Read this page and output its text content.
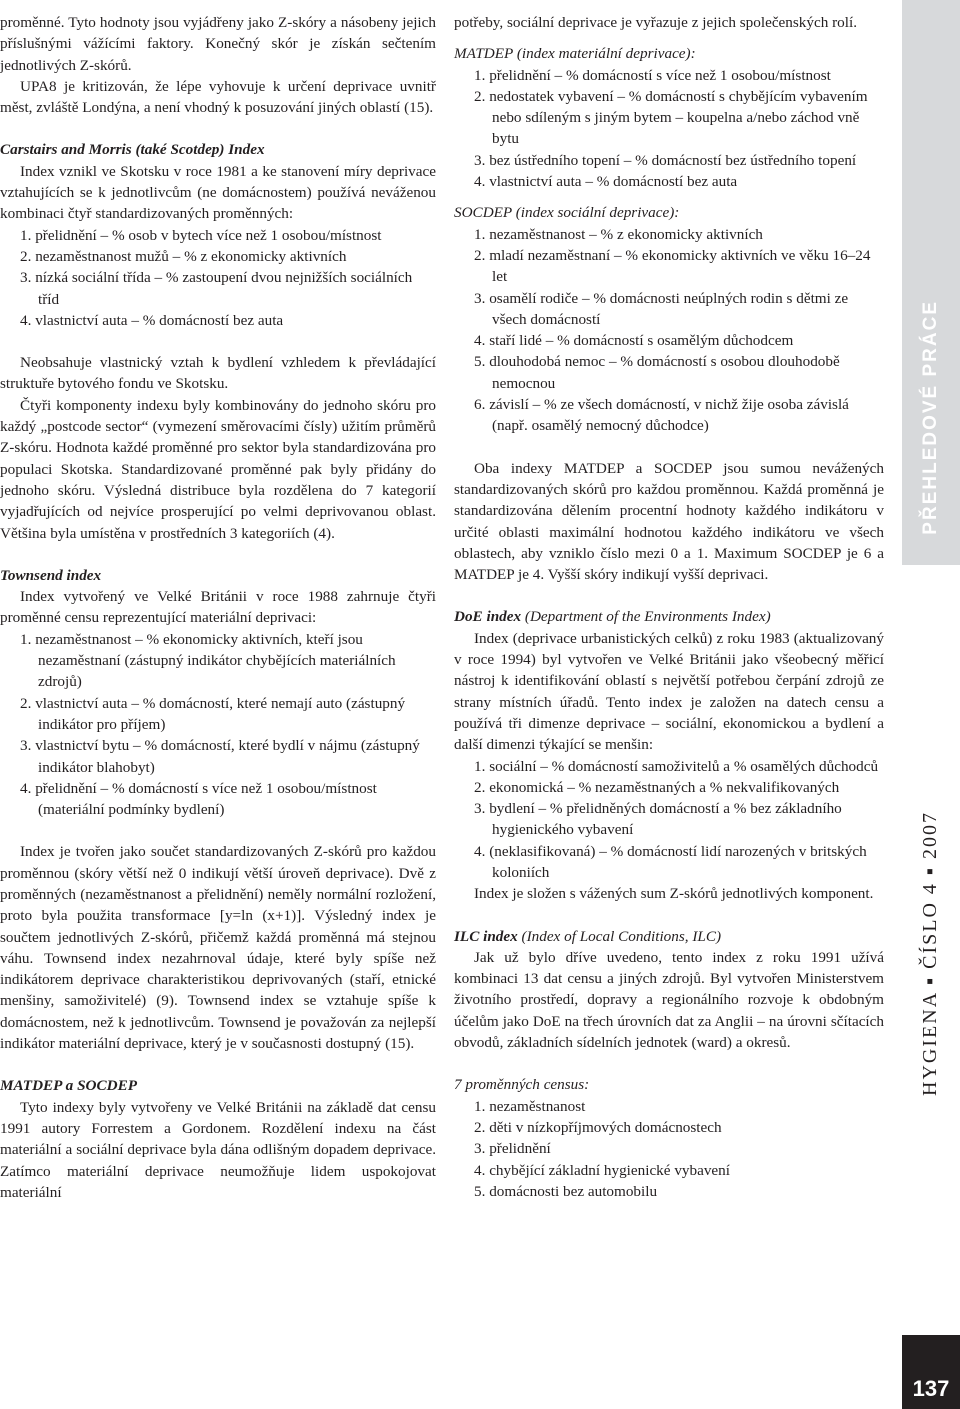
proměnné. Tyto hodnoty jsou vyjádřeny jako Z-skóry a násobeny jejich příslušnými vážícími faktory. Konečný skór je získán sečtením jednotlivých Z-skórů.

UPA8 je kritizován, že lépe vyhovuje k určení deprivace uvnitř měst, zvláště Londýna, a není vhodný k posuzování jiných oblastí (15).

Carstairs and Morris (také Scotdep) Index

Index vznikl ve Skotsku v roce 1981 a ke stanovení míry deprivace vztahujících se k jednotlivcům (ne domácnostem) používá neváženou kombinaci čtyř standardizovaných proměnných:

1. přelidnění – % osob v bytech více než 1 osobou/místnost
2. nezaměstnanost mužů – % z ekonomicky aktivních
3. nízká sociální třída – % zastoupení dvou nejnižších sociálních tříd
4. vlastnictví auta – % domácností bez auta

Neobsahuje vlastnický vztah k bydlení vzhledem k převládající struktuře bytového fondu ve Skotsku.

Čtyři komponenty indexu byly kombinovány do jednoho skóru pro každý „postcode sector“ (vymezení směrovacími čísly) užitím průměrů Z-skóru. Hodnota každé proměnné pro sektor byla standardizována pro populaci Skotska. Standardizované proměnné pak byly přidány do jednoho skóru. Výsledná distribuce byla rozdělena do 7 kategorií vyjadřujících od nejvíce prosperující po velmi deprivovanou oblast. Většina byla umístěna v prostředních 3 kategoriích (4).

Townsend index

Index vytvořený ve Velké Británii v roce 1988 zahrnuje čtyři proměnné censu reprezentující materiální deprivaci:

1. nezaměstnanost – % ekonomicky aktivních, kteří jsou nezaměstnaní (zástupný indikátor chybějících materiálních zdrojů)
2. vlastnictví auta – % domácností, které nemají auto (zástupný indikátor pro příjem)
3. vlastnictví bytu – % domácností, které bydlí v nájmu (zástupný indikátor blahobyt)
4. přelidnění – % domácností s více než 1 osobou/místnost (materiální podmínky bydlení)

Index je tvořen jako součet standardizovaných Z-skórů pro každou proměnnou (skóry větší než 0 indikují větší úroveň deprivace). Dvě z proměnných (nezaměstnanost a přelidnění) neměly normální rozložení, proto byla použita transformace [y=ln (x+1)]. Výsledný index je součtem jednotlivých Z-skórů, přičemž každá proměnná má stejnou váhu. Townsend index nezahrnoval údaje, které byly spíše než indikátorem deprivace charakteristikou deprivovaných (staří, etnické menšiny, samoživitelé) (9). Townsend index se vztahuje spíše k domácnostem, než k jednotlivcům. Townsend je považován za nejlepší indikátor materiální deprivace, který je v současnosti dostupný (15).

MATDEP a SOCDEP

Tyto indexy byly vytvořeny ve Velké Británii na základě dat censu 1991 autory Forrestem a Gordonem. Rozdělení indexu na část materiální a sociální deprivace byla dána odlišným dopadem deprivace. Zatímco materiální deprivace neumožňuje lidem uspokojovat materiální

potřeby, sociální deprivace je vyřazuje z jejich společenských rolí.

MATDEP (index materiální deprivace):
1. přelidnění – % domácností s více než 1 osobou/místnost
2. nedostatek vybavení – % domácností s chybějícím vybavením nebo sdíleným s jiným bytem – koupelna a/nebo záchod vně bytu
3. bez ústředního topení – % domácností bez ústředního topení
4. vlastnictví auta – % domácností bez auta
SOCDEP (index sociální deprivace):
1. nezaměstnanost – % z ekonomicky aktivních
2. mladí nezaměstnaní – % ekonomicky aktivních ve věku 16–24 let
3. osamělí rodiče – % domácnosti neúplných rodin s dětmi ze všech domácností
4. staří lidé – % domácností s osamělým důchodcem
5. dlouhodobá nemoc – % domácností s osobou dlouhodobě nemocnou
6. závislí – % ze všech domácností, v nichž žije osoba závislá (např. osamělý nemocný důchodce)

Oba indexy MATDEP a SOCDEP jsou sumou nevážených standardizovaných skórů pro každou proměnnou. Každá proměnná je standardizována dělením procentní hodnoty každého indikátoru v určité oblasti maximální hodnotou každého indikátoru ve všech oblastech, aby vzniklo číslo mezi 0 a 1. Maximum SOCDEP je 6 a MATDEP je 4. Vyšší skóry indikují vyšší deprivaci.

DoE index (Department of the Environments Index)

Index (deprivace urbanistických celků) z roku 1983 (aktualizovaný v roce 1994) byl vytvořen ve Velké Británii jako všeobecný měřicí nástroj k identifikování oblastí s největší potřebou čerpání zdrojů ze strany místních úřadů. Tento index je založen na datech censu a používá tři dimenze deprivace – sociální, ekonomickou a bydlení a další dimenzi týkající se menšin:

1. sociální – % domácností samoživitelů a % osamělých důchodců
2. ekonomická – % nezaměstnaných a % nekvalifikovaných
3. bydlení – % přelidněných domácností a % bez základního hygienického vybavení
4. (neklasifikovaná) – % domácností lidí narozených v britských koloniích

Index je složen s vážených sum Z-skórů jednotlivých komponent.

ILC index (Index of Local Conditions, ILC)

Jak už bylo dříve uvedeno, tento index z roku 1991 užívá kombinaci 13 dat censu a jiných zdrojů. Byl vytvořen Ministerstvem životního prostředí, dopravy a regionálního rozvoje k obdobným účelům jako DoE na třech úrovních dat za Anglii – na úrovni sčítacích obvodů, základních sídelních jednotek (ward) a okresů.

7 proměnných census:
1. nezaměstnanost
2. děti v nízkopříjmových domácnostech
3. přelidnění
4. chybějící základní hygienické vybavení
5. domácnosti bez automobilu
PŘEHLEDOVÉ PRÁCE
HYGIENA ▪ ČÍSLO 4 ▪ 2007
137
